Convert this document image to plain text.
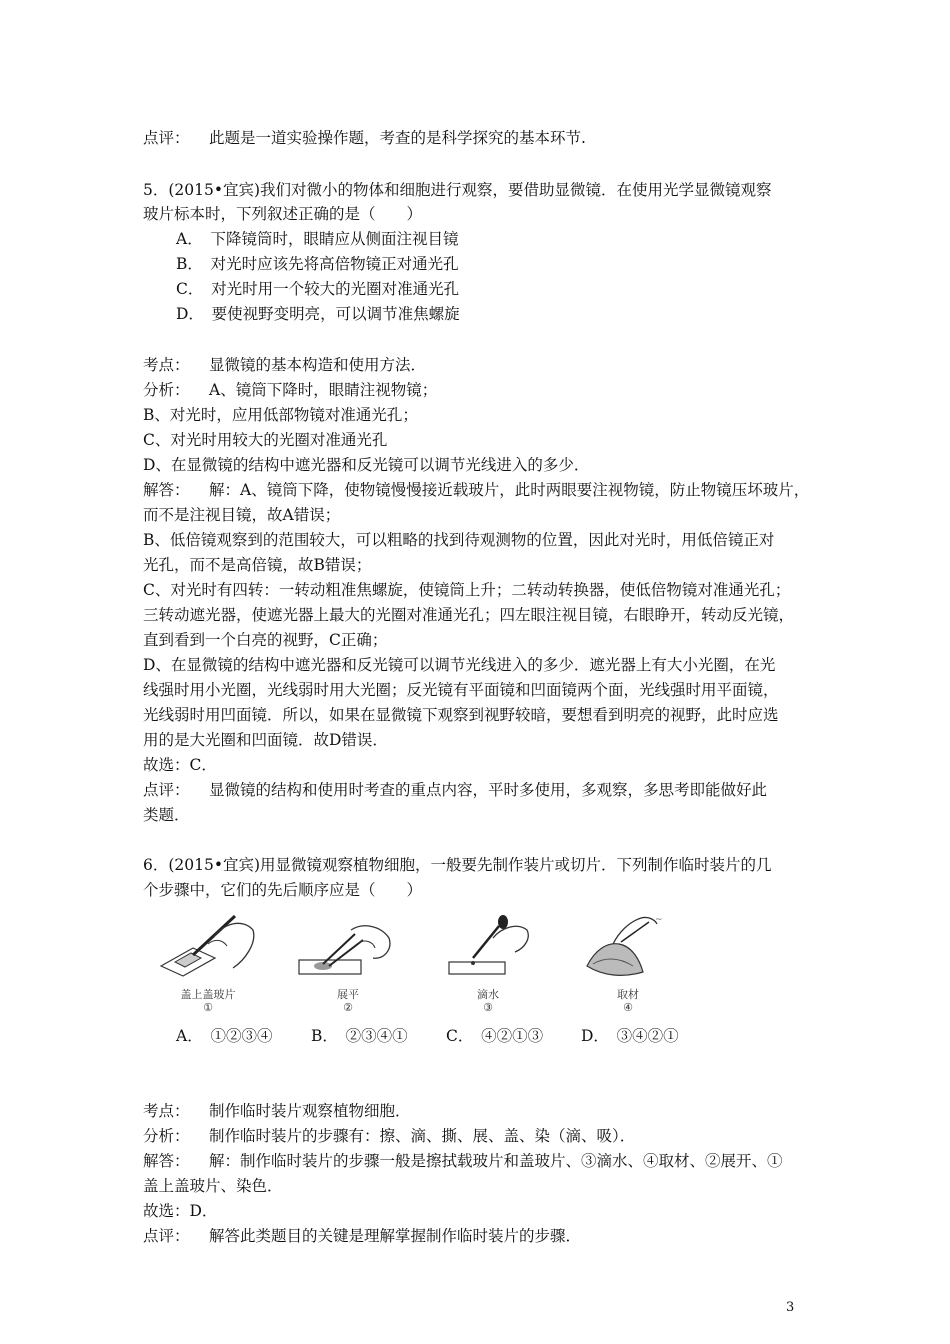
点评： 此题是一道实验操作题，考查的是科学探究的基本环节.
5．(2015•宜宾)我们对微小的物体和细胞进行观察，要借助显微镜．在使用光学显微镜观察
玻片标本时，下列叙述正确的是（　　）
A．　下降镜筒时，眼睛应从侧面注视目镜
B．　对光时应该先将高倍物镜正对通光孔
C．　对光时用一个较大的光圈对准通光孔
D．　要使视野变明亮，可以调节准焦螺旋
考点： 显微镜的基本构造和使用方法．
分析： A、镜筒下降时，眼睛注视物镜；
B、对光时，应用低部物镜对准通光孔；
C、对光时用较大的光圈对准通光孔
D、在显微镜的结构中遮光器和反光镜可以调节光线进入的多少．
解答： 解：A、镜筒下降，使物镜慢慢接近载玻片，此时两眼要注视物镜，防止物镜压坏玻片，
而不是注视目镜，故A错误；
B、低倍镜观察到的范围较大，可以粗略的找到待观测物的位置，因此对光时，用低倍镜正对
光孔，而不是高倍镜，故B错误；
C、对光时有四转：一转动粗准焦螺旋，使镜筒上升；二转动转换器，使低倍物镜对准通光孔；
三转动遮光器，使遮光器上最大的光圈对准通光孔；四左眼注视目镜，右眼睁开，转动反光镜，
直到看到一个白亮的视野，C正确；
D、在显微镜的结构中遮光器和反光镜可以调节光线进入的多少．遮光器上有大小光圈，在光
线强时用小光圈，光线弱时用大光圈；反光镜有平面镜和凹面镜两个面，光线强时用平面镜，
光线弱时用凹面镜．所以，如果在显微镜下观察到视野较暗，要想看到明亮的视野，此时应选
用的是大光圈和凹面镜．故D错误．
故选：C．
点评： 显微镜的结构和使用时考查的重点内容，平时多使用，多观察，多思考即能做好此
类题．
6．(2015•宜宾)用显微镜观察植物细胞，一般要先制作装片或切片．下列制作临时装片的几
个步骤中，它们的先后顺序应是（　　）
盖上盖玻片
①
展平
②
滴水
③
~
取材
④
A．　①②③④ B．　②③④① C．　④②①③ D．　③④②①
考点： 制作临时装片观察植物细胞．
分析： 制作临时装片的步骤有：擦、滴、撕、展、盖、染（滴、吸）．
解答： 解：制作临时装片的步骤一般是擦拭载玻片和盖玻片、③滴水、④取材、②展开、①
盖上盖玻片、染色．
故选：D．
点评： 解答此类题目的关键是理解掌握制作临时装片的步骤．
3
